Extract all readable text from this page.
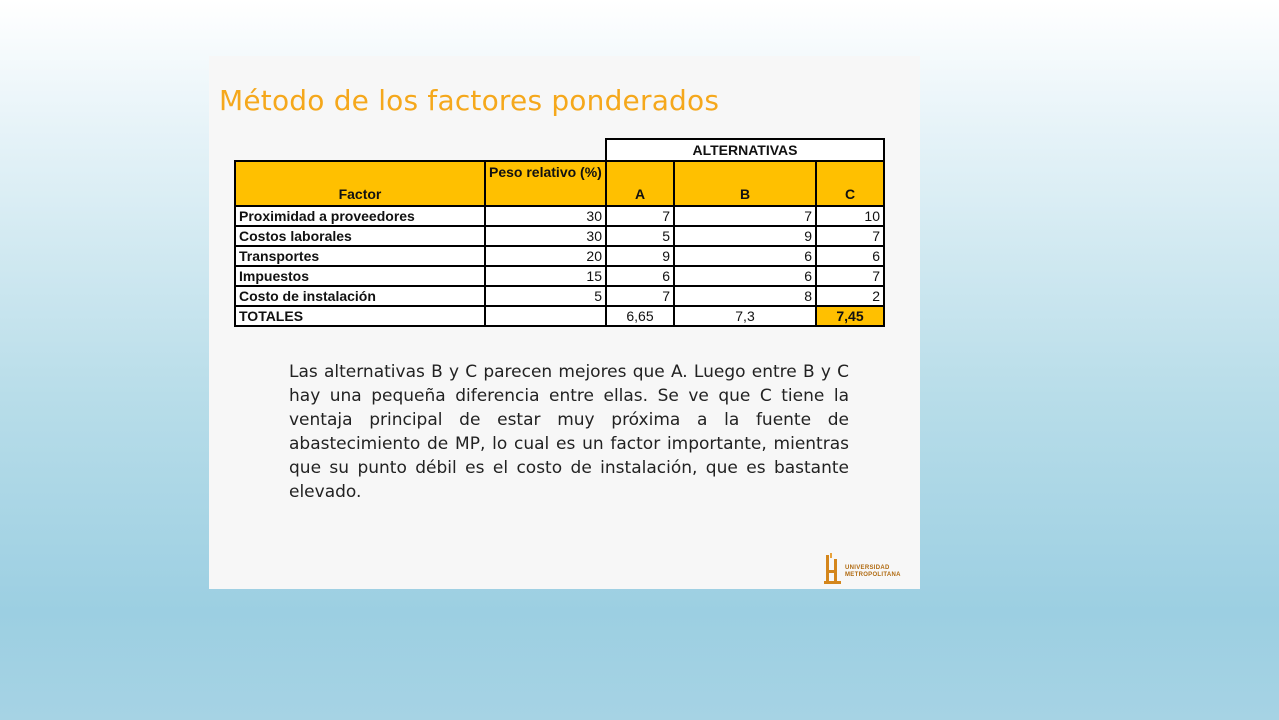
Método de los factores ponderados
		ALTERNATIVAS		
Factor	Peso relativo (%)	A	B	C
Proximidad a proveedores	30	7	7	10
Costos laborales	30	5	9	7
Transportes	20	9	6	6
Impuestos	15	6	6	7
Costo de instalación	5	7	8	2
TOTALES		6,65	7,3	7,45

Las alternativas B y C parecen mejores que A. Luego entre B y C hay una pequeña diferencia entre ellas. Se ve que C tiene la ventaja principal de estar muy próxima a la fuente de abastecimiento de MP, lo cual es un factor importante, mientras que su punto débil es el costo de instalación, que es bastante elevado.

UNIVERSIDAD
METROPOLITANA
